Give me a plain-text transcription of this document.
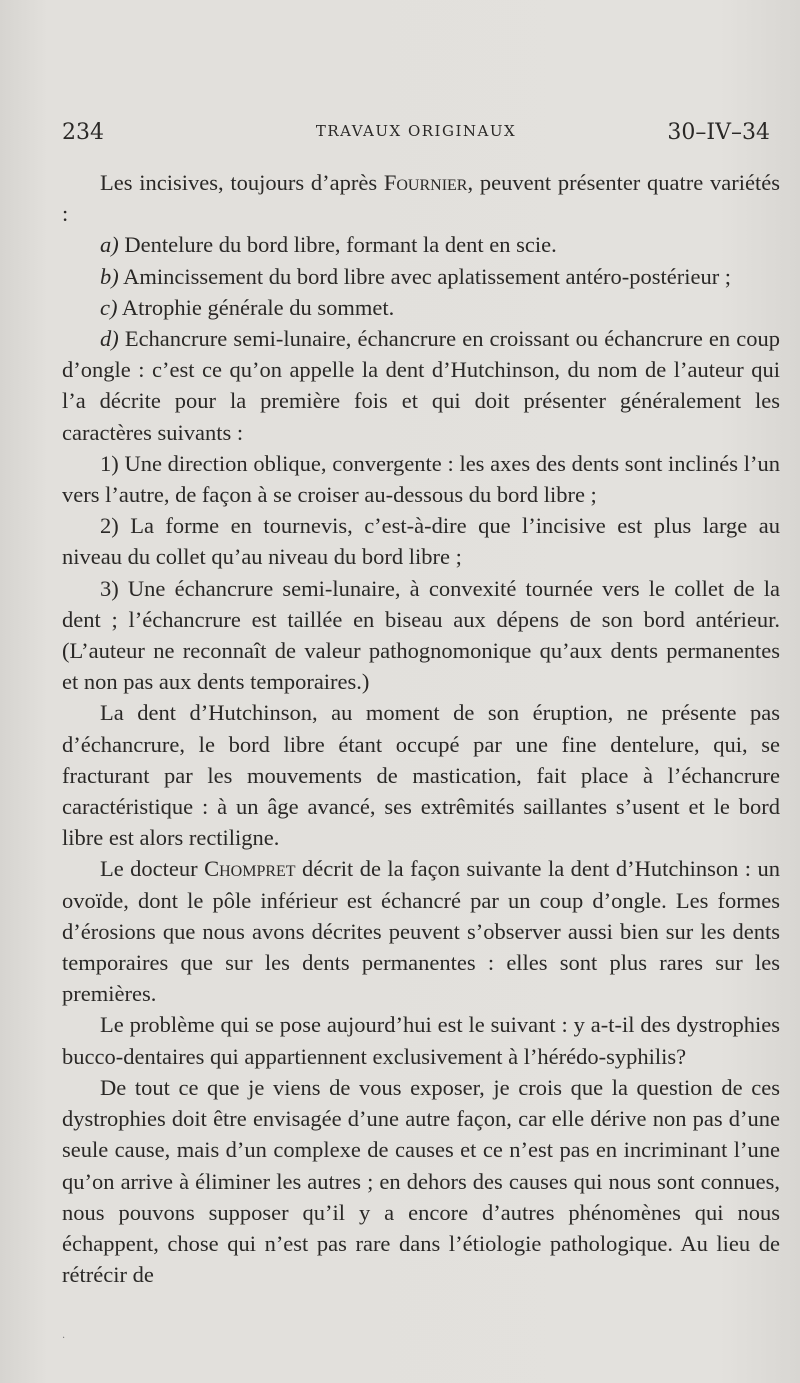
234	TRAVAUX ORIGINAUX	30–IV–34

Les incisives, toujours d’après Fournier, peuvent présenter quatre variétés :

a) Dentelure du bord libre, formant la dent en scie.

b) Amincissement du bord libre avec aplatissement antéro-postérieur ;

c) Atrophie générale du sommet.

d) Echancrure semi-lunaire, échancrure en croissant ou échancrure en coup d’ongle : c’est ce qu’on appelle la dent d’Hutchinson, du nom de l’auteur qui l’a décrite pour la première fois et qui doit présenter généralement les caractères suivants :

1) Une direction oblique, convergente : les axes des dents sont inclinés l’un vers l’autre, de façon à se croiser au-dessous du bord libre ;

2) La forme en tournevis, c’est-à-dire que l’incisive est plus large au niveau du collet qu’au niveau du bord libre ;

3) Une échancrure semi-lunaire, à convexité tournée vers le collet de la dent ; l’échancrure est taillée en biseau aux dépens de son bord antérieur. (L’auteur ne reconnaît de valeur pathognomonique qu’aux dents permanentes et non pas aux dents temporaires.)

La dent d’Hutchinson, au moment de son éruption, ne présente pas d’échancrure, le bord libre étant occupé par une fine dentelure, qui, se fracturant par les mouvements de mastication, fait place à l’échancrure caractéristique : à un âge avancé, ses extrêmités saillantes s’usent et le bord libre est alors rectiligne.

Le docteur Chompret décrit de la façon suivante la dent d’Hutchinson : un ovoïde, dont le pôle inférieur est échancré par un coup d’ongle. Les formes d’érosions que nous avons décrites peuvent s’observer aussi bien sur les dents temporaires que sur les dents permanentes : elles sont plus rares sur les premières.

Le problème qui se pose aujourd’hui est le suivant : y a-t-il des dystrophies bucco-dentaires qui appartiennent exclusivement à l’hérédo-syphilis?

De tout ce que je viens de vous exposer, je crois que la question de ces dystrophies doit être envisagée d’une autre façon, car elle dérive non pas d’une seule cause, mais d’un complexe de causes et ce n’est pas en incriminant l’une qu’on arrive à éliminer les autres ; en dehors des causes qui nous sont connues, nous pouvons supposer qu’il y a encore d’autres phénomènes qui nous échappent, chose qui n’est pas rare dans l’étiologie pathologique. Au lieu de rétrécir de

.
